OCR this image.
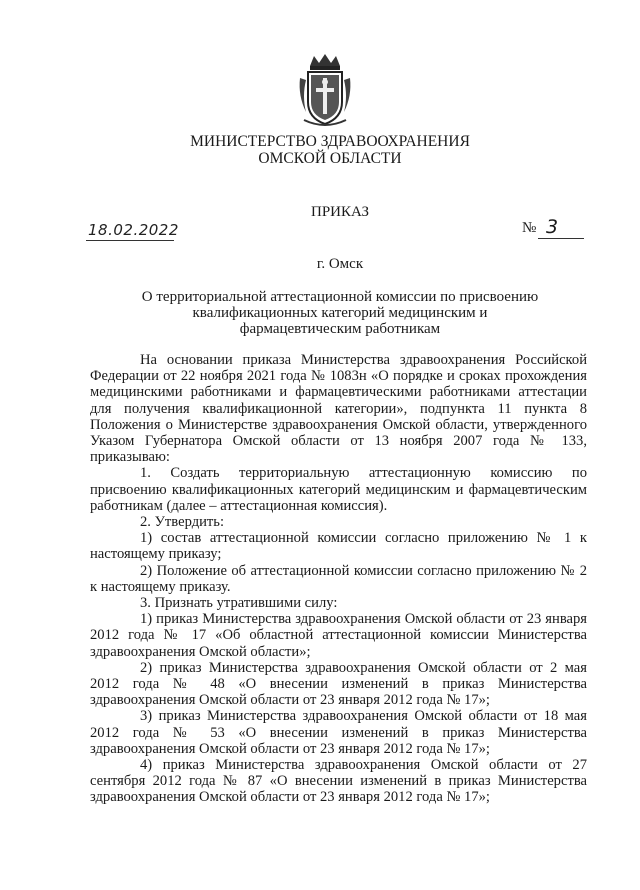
МИНИСТЕРСТВО ЗДРАВООХРАНЕНИЯ
ОМСКОЙ ОБЛАСТИ
ПРИКАЗ
18.02.2022	№ 3
г. Омск
О территориальной аттестационной комиссии по присвоению
квалификационных категорий медицинским и
фармацевтическим работникам

На основании приказа Министерства здравоохранения Российской Федерации от 22 ноября 2021 года № 1083н «О порядке и сроках прохождения медицинскими работниками и фармацевтическими работниками аттестации для получения квалификационной категории», подпункта 11 пункта 8 Положения о Министерстве здравоохранения Омской области, утвержденного Указом Губернатора Омской области от 13 ноября 2007 года № 133, приказываю:

1. Создать территориальную аттестационную комиссию по присвоению квалификационных категорий медицинским и фармацевтическим работникам (далее – аттестационная комиссия).

2. Утвердить:

1) состав аттестационной комиссии согласно приложению № 1 к настоящему приказу;

2) Положение об аттестационной комиссии согласно приложению № 2 к настоящему приказу.

3. Признать утратившими силу:

1) приказ Министерства здравоохранения Омской области от 23 января 2012 года № 17 «Об областной аттестационной комиссии Министерства здравоохранения Омской области»;

2) приказ Министерства здравоохранения Омской области от 2 мая 2012 года № 48 «О внесении изменений в приказ Министерства здравоохранения Омской области от 23 января 2012 года № 17»;

3) приказ Министерства здравоохранения Омской области от 18 мая 2012 года № 53 «О внесении изменений в приказ Министерства здравоохранения Омской области от 23 января 2012 года № 17»;

4) приказ Министерства здравоохранения Омской области от 27 сентября 2012 года № 87 «О внесении изменений в приказ Министерства здравоохранения Омской области от 23 января 2012 года № 17»;
